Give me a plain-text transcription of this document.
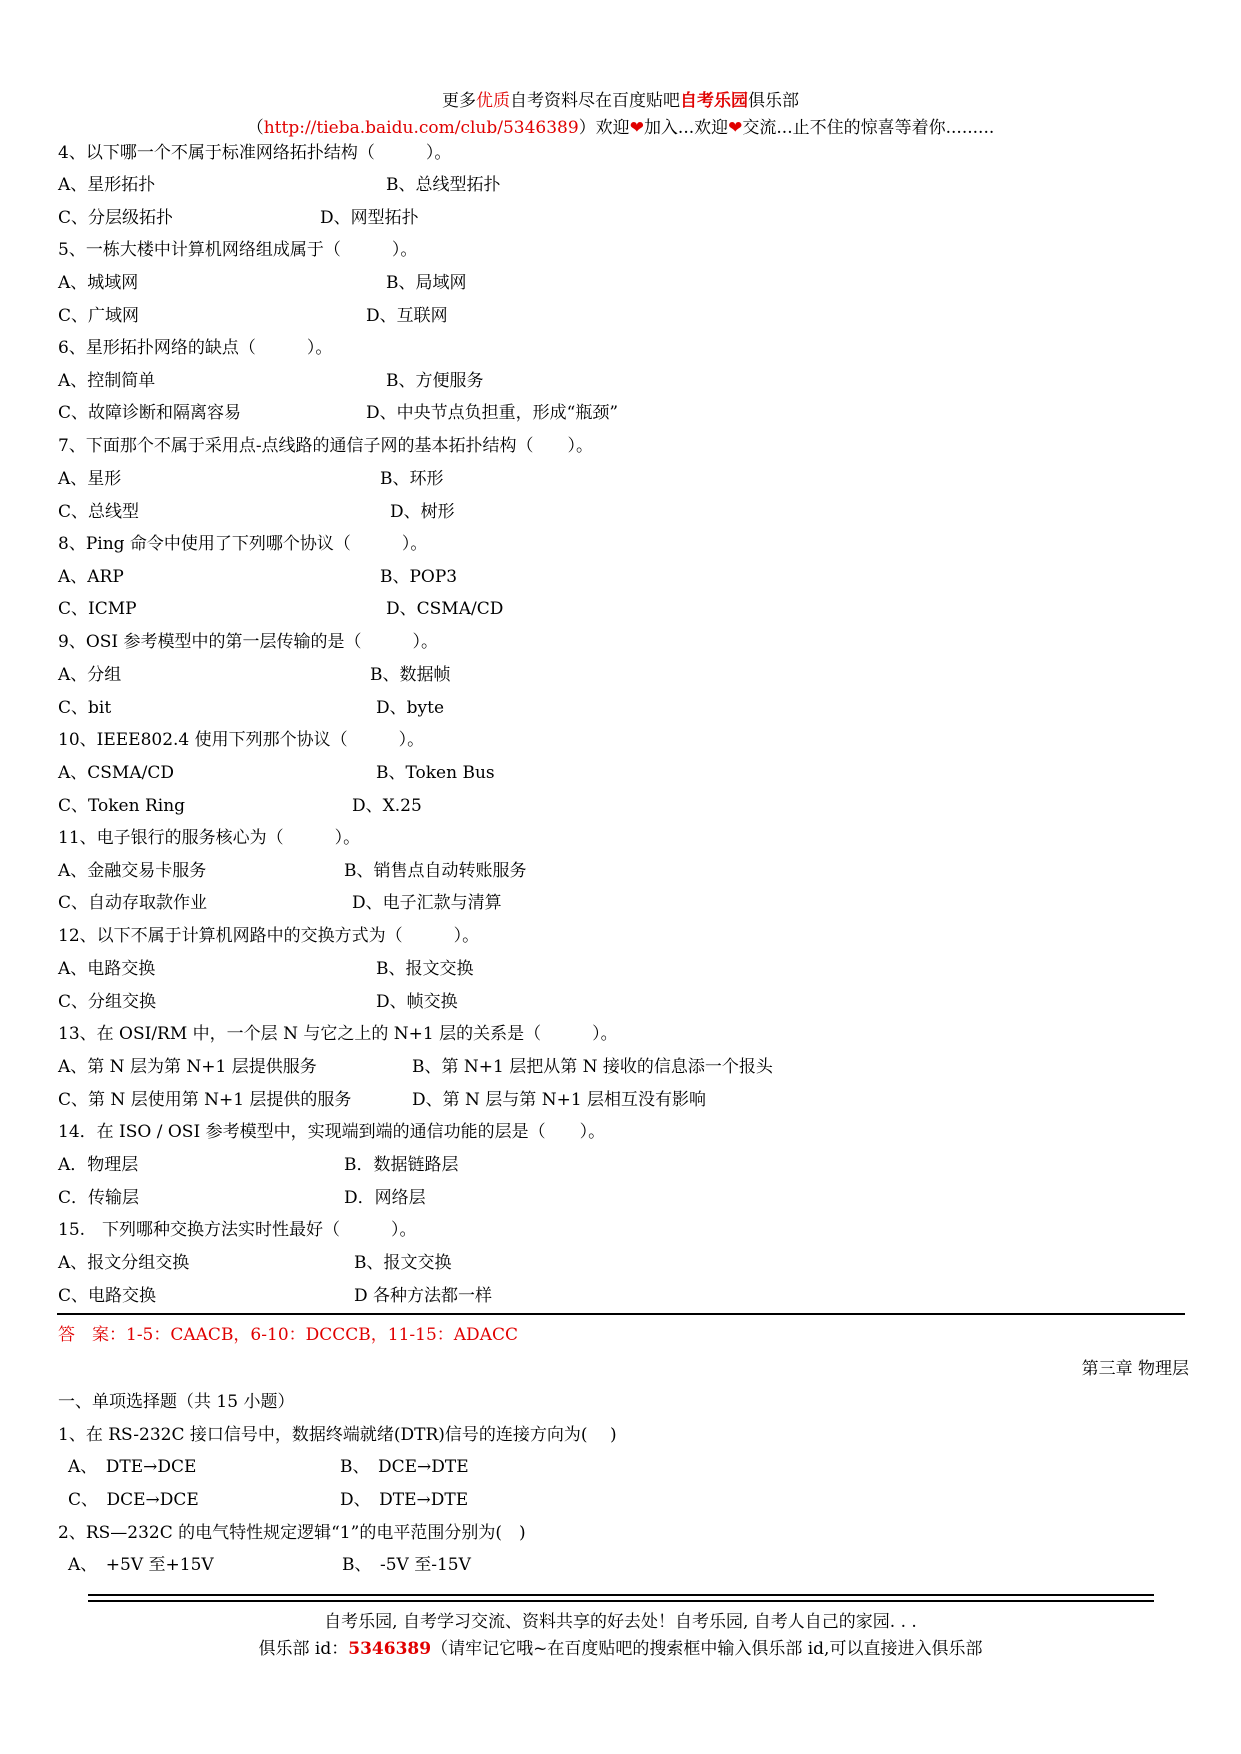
更多优质自考资料尽在百度贴吧自考乐园俱乐部
（http://tieba.baidu.com/club/5346389）欢迎❤加入...欢迎❤交流...止不住的惊喜等着你.........
4、以下哪一个不属于标准网络拓扑结构（　　　）。
A、星形拓扑	B、总线型拓扑
C、分层级拓扑	D、网型拓扑
5、一栋大楼中计算机网络组成属于（　　　）。
A、城域网	B、局域网
C、广域网	D、互联网
6、星形拓扑网络的缺点（　　　）。
A、控制简单	B、方便服务
C、故障诊断和隔离容易	D、中央节点负担重，形成“瓶颈”
7、下面那个不属于采用点-点线路的通信子网的基本拓扑结构（　　）。
A、星形	B、环形
C、总线型	D、树形
8、Ping 命令中使用了下列哪个协议（　　　）。
A、ARP	B、POP3
C、ICMP	D、CSMA/CD
9、OSI 参考模型中的第一层传输的是（　　　）。
A、分组	B、数据帧
C、bit	D、byte
10、IEEE802.4 使用下列那个协议（　　　）。
A、CSMA/CD	B、Token Bus
C、Token Ring	D、X.25
11、电子银行的服务核心为（　　　）。
A、金融交易卡服务	B、销售点自动转账服务
C、自动存取款作业	D、电子汇款与清算
12、以下不属于计算机网路中的交换方式为（　　　）。
A、电路交换	B、报文交换
C、分组交换	D、帧交换
13、在 OSI/RM 中，一个层 N 与它之上的 N+1 层的关系是（　　　）。
A、第 N 层为第 N+1 层提供服务	B、第 N+1 层把从第 N 接收的信息添一个报头
C、第 N 层使用第 N+1 层提供的服务	D、第 N 层与第 N+1 层相互没有影响
14．在 ISO / OSI 参考模型中，实现端到端的通信功能的层是（　　）。
A．物理层	B．数据链路层
C．传输层	D．网络层
15.　下列哪种交换方法实时性最好（　　　）。
A、报文分组交换	B、报文交换
C、电路交换	D 各种方法都一样
答　案：1-5：CAACB，6-10：DCCCB，11-15：ADACC
第三章 物理层
一、单项选择题（共 15 小题）
1、在 RS-232C 接口信号中，数据终端就绪(DTR)信号的连接方向为(　 )
A、　DTE→DCE	B、　DCE→DTE
C、　DCE→DCE	D、　DTE→DTE
2、RS—232C 的电气特性规定逻辑“1”的电平范围分别为(　)
A、　+5V 至+15V	B、　-5V 至-15V
自考乐园, 自考学习交流、资料共享的好去处！自考乐园, 自考人自己的家园. . .
俱乐部 id：5346389（请牢记它哦~在百度贴吧的搜索框中输入俱乐部 id,可以直接进入俱乐部
